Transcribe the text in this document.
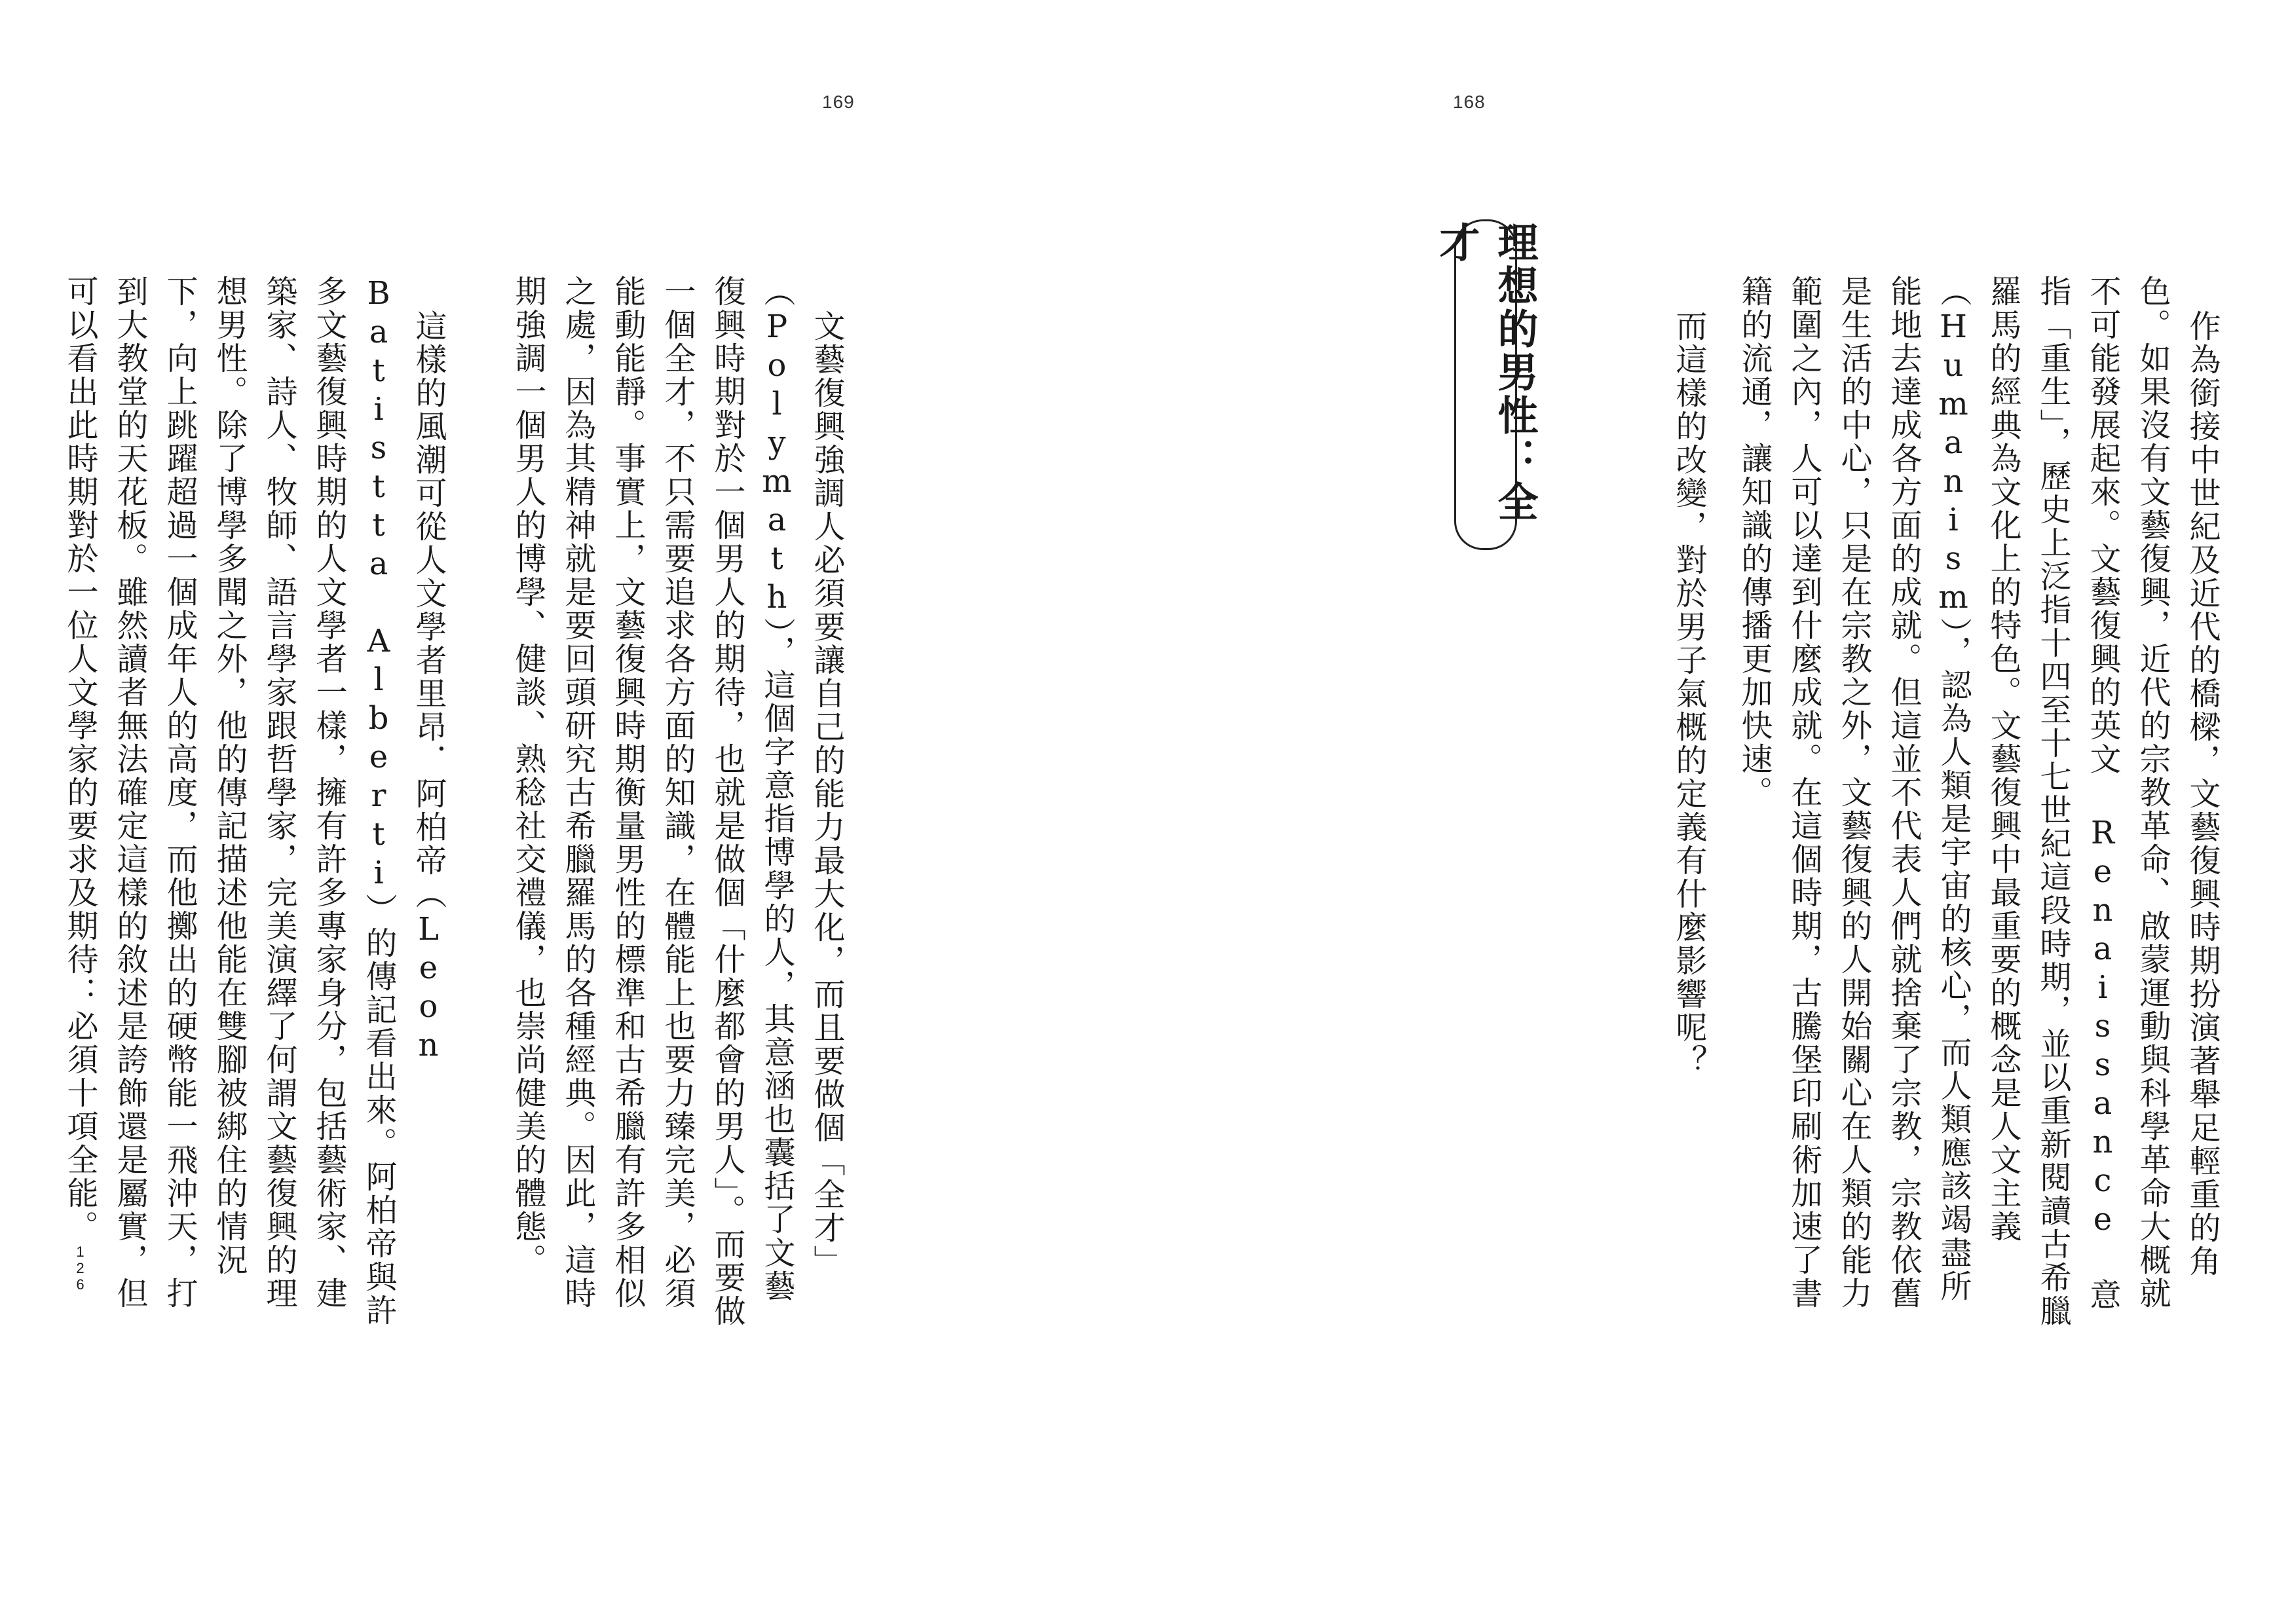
169	168
作為銜接中世紀及近代的橋樑，文藝復興時期扮演著舉足輕重的角色。如果沒有文藝復興，近代的宗教革命、啟蒙運動與科學革命大概就不可能發展起來。文藝復興的英文 Renaissance 意指「重生」，歷史上泛指十四至十七世紀這段時期，並以重新閱讀古希臘羅馬的經典為文化上的特色。文藝復興中最重要的概念是人文主義（Humanism），認為人類是宇宙的核心，而人類應該竭盡所能地去達成各方面的成就。但這並不代表人們就捨棄了宗教，宗教依舊是生活的中心，只是在宗教之外，文藝復興的人開始關心在人類的能力範圍之內，人可以達到什麼成就。在這個時期，古騰堡印刷術加速了書籍的流通，讓知識的傳播更加快速。
而這樣的改變，對於男子氣概的定義有什麼影響呢？
理想的男性：全才
文藝復興強調人必須要讓自己的能力最大化，而且要做個「全才」（Polymath），這個字意指博學的人，其意涵也囊括了文藝復興時期對於一個男人的期待，也就是做個「什麼都會的男人」。而要做一個全才，不只需要追求各方面的知識，在體能上也要力臻完美，必須能動能靜。事實上，文藝復興時期衡量男性的標準和古希臘有許多相似之處，因為其精神就是要回頭研究古希臘羅馬的各種經典。因此，這時期強調一個男人的博學、健談、熟稔社交禮儀，也崇尚健美的體態。
這樣的風潮可從人文學者里昂．阿柏帝（Leon Batistta Alberti）的傳記看出來。阿柏帝與許多文藝復興時期的人文學者一樣，擁有許多專家身分，包括藝術家、建築家、詩人、牧師、語言學家跟哲學家，完美演繹了何謂文藝復興的理想男性。除了博學多聞之外，他的傳記描述他能在雙腳被綁住的情況下，向上跳躍超過一個成年人的高度，而他擲出的硬幣能一飛沖天，打到大教堂的天花板。雖然讀者無法確定這樣的敘述是誇飾還是屬實，但可以看出此時期對於一位人文學家的要求及期待：必須十項全能。126
